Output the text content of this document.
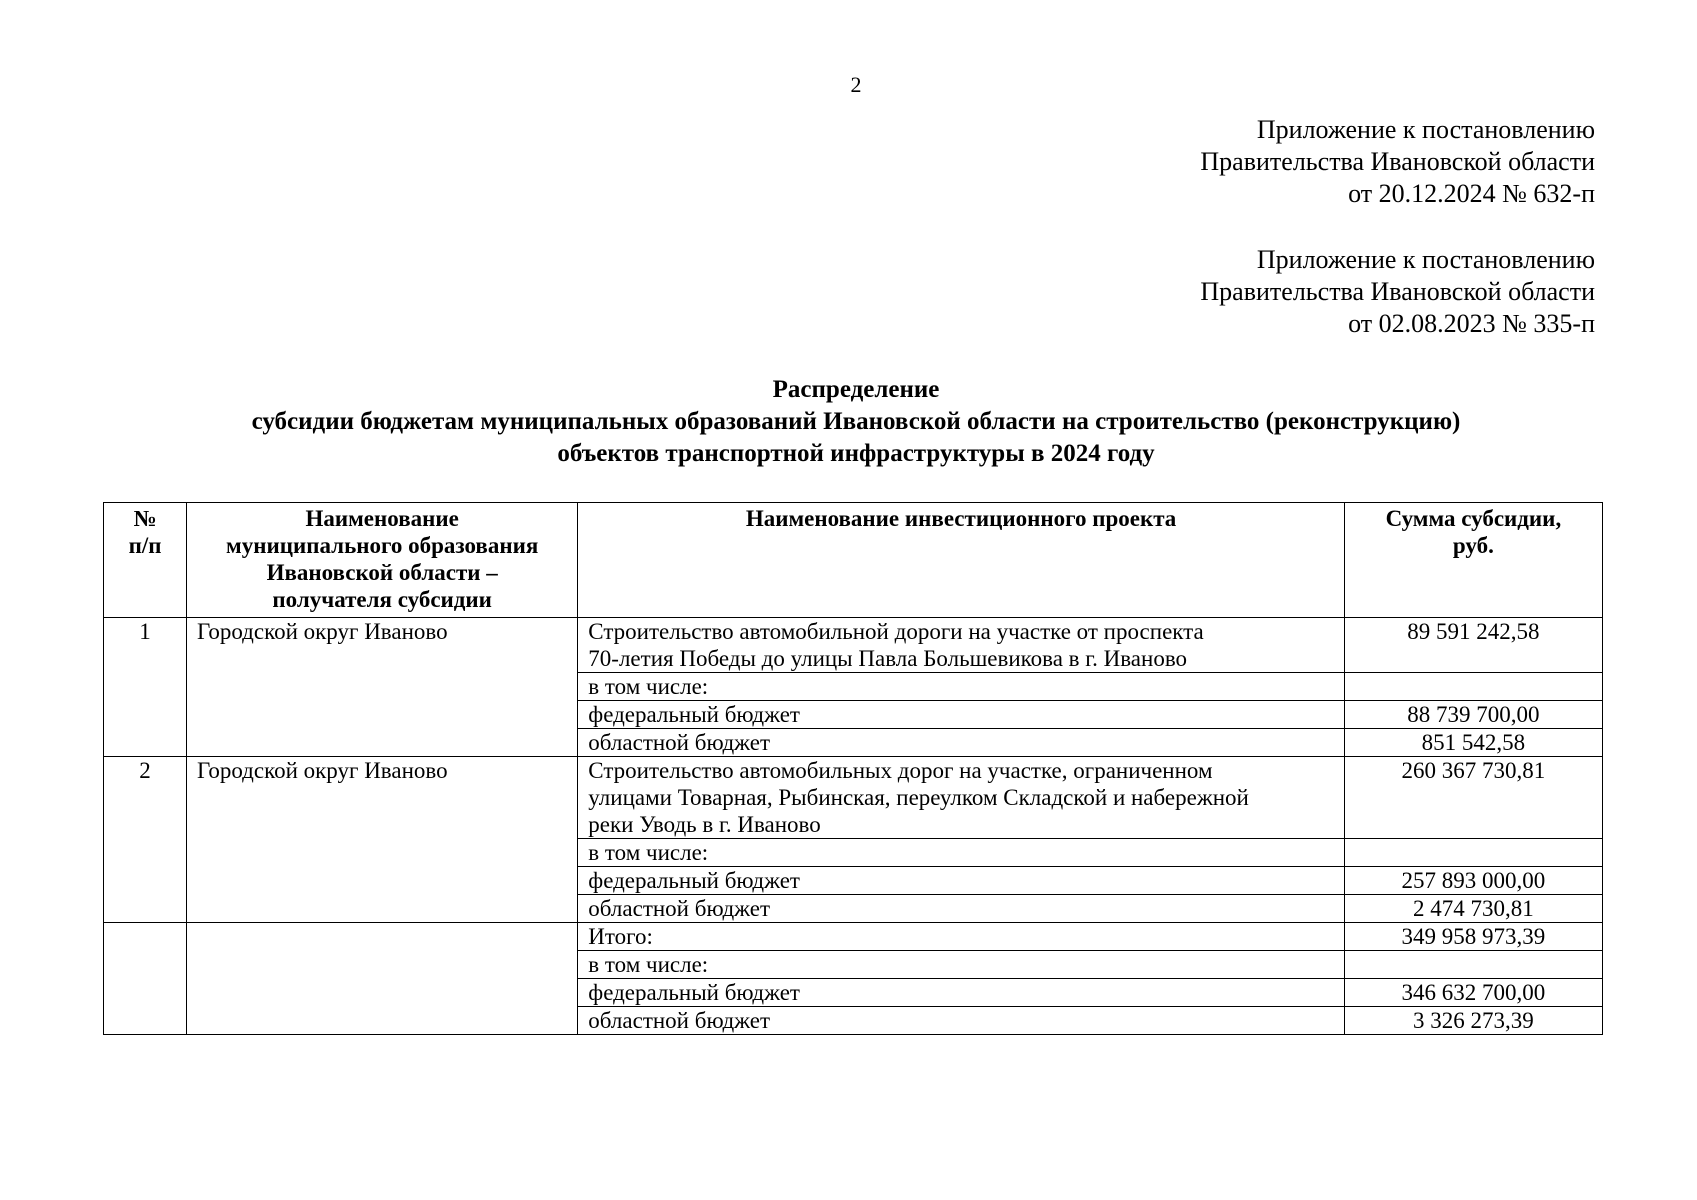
2
Приложение к постановлению
Правительства Ивановской области
от 20.12.2024 № 632-п
Приложение к постановлению
Правительства Ивановской области
от 02.08.2023 № 335-п
Распределение
субсидии бюджетам муниципальных образований Ивановской области на строительство (реконструкцию)
объектов транспортной инфраструктуры в 2024 году
№
п/п	Наименование
муниципального образования
Ивановской области –
получателя субсидии	Наименование инвестиционного проекта	Сумма субсидии,
руб.

1	Городской округ Иваново	Строительство автомобильной дороги на участке от проспекта
70-летия Победы до улицы Павла Большевикова в г. Иваново	89 591 242,58

		в том числе:	

		федеральный бюджет	88 739 700,00

		областной бюджет	851 542,58
2	Городской округ Иваново	Строительство автомобильных дорог на участке, ограниченном
улицами Товарная, Рыбинская, переулком Складской и набережной
реки Уводь в г. Иваново	260 367 730,81

		в том числе:	

		федеральный бюджет	257 893 000,00

		областной бюджет	2 474 730,81

		Итого:	349 958 973,39

		в том числе:	

		федеральный бюджет	346 632 700,00

		областной бюджет	3 326 273,39
